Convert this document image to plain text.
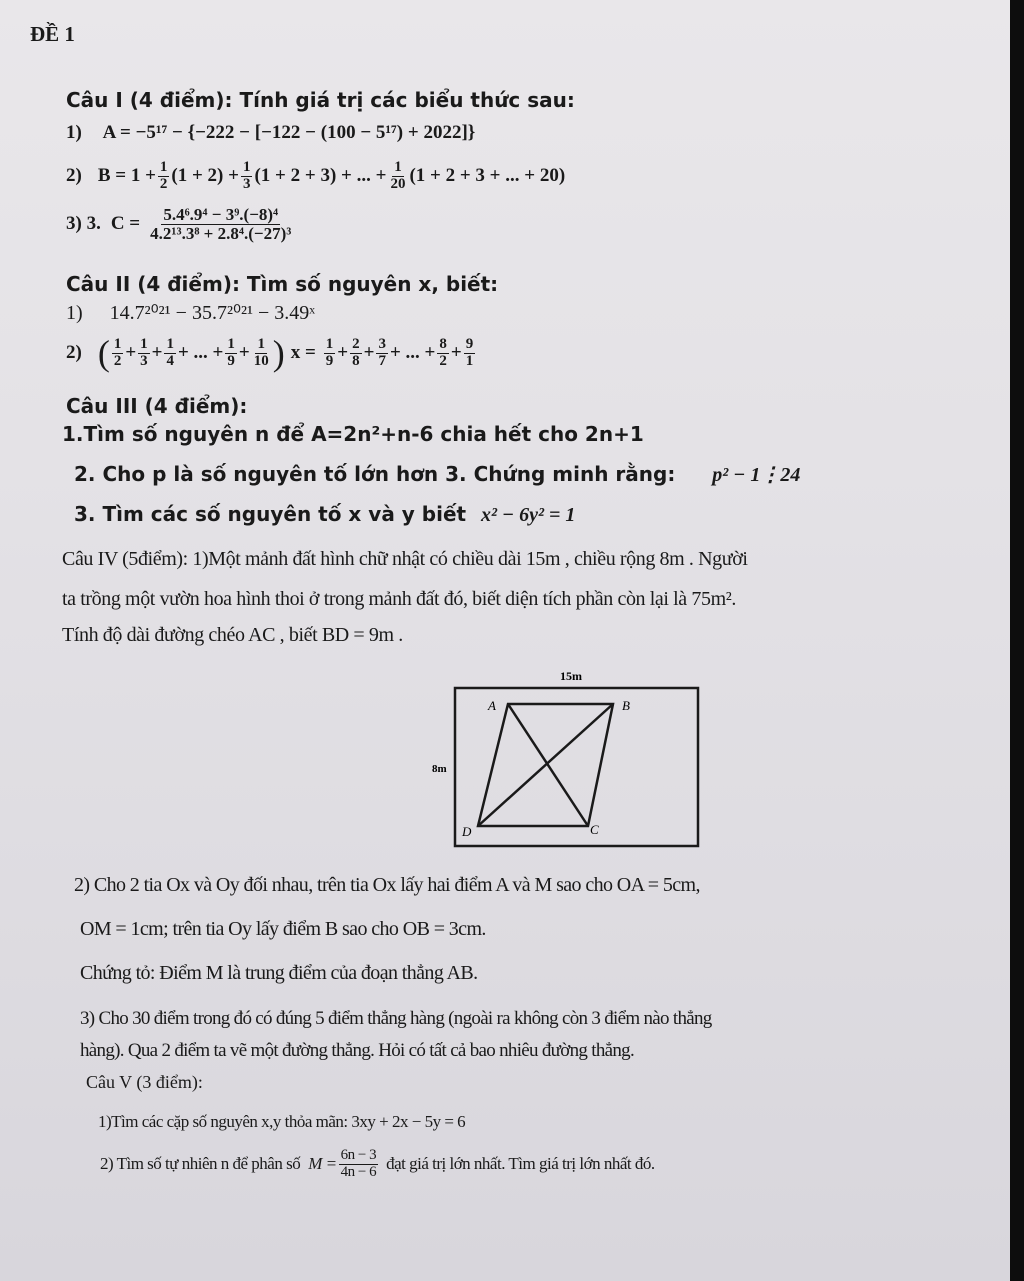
ĐỀ 1
Câu I (4 điểm): Tính giá trị các biểu thức sau:
1) A = −5¹⁷ − {−222 − [−122 − (100 − 5¹⁷) + 2022]}
2) $B = 1 + \frac{1}{2} (1 + 2) + \frac{1}{3} (1 + 2 + 3)$ + ... + $\frac{1}{20} (1 + 2 + 3$ + ... + 20)
3) 3. $C = \frac{\text{5.4⁶.9⁴ − 3⁹.(−8)⁴}}{\text{4.2¹³.3⁸ + 2.8⁴.(−27)³}}$
Câu II (4 điểm): Tìm số nguyên x, biết:
1) 14.7²⁰²¹ − 35.7²⁰²¹ − 3.49ˣ
2) ( $\frac{1}{2} + \frac{1}{3} + \frac{1}{4}$ + ... + $\frac{1}{9} + \frac{1}{10}$ ) $x = \frac{1}{9} + \frac{2}{8} + \frac{3}{7}$ + ... + $\frac{8}{2} + \frac{9}{1}$
Câu III (4 điểm):
1.Tìm số nguyên n để A=2n²+n-6 chia hết cho 2n+1
2. Cho p là số nguyên tố lớn hơn 3. Chứng minh rằng: p² − 1⋮24
3. Tìm các số nguyên tố x và y biết x² − 6y² = 1
Câu IV (5điểm): 1)Một mảnh đất hình chữ nhật có chiều dài 15m , chiều rộng 8m . Người
ta trồng một vườn hoa hình thoi ở trong mảnh đất đó, biết diện tích phần còn lại là 75m².
Tính độ dài đường chéo AC , biết BD = 9m .
15m
8m
A	B
C
D
2) Cho 2 tia Ox và Oy đối nhau, trên tia Ox lấy hai điểm A và M sao cho OA = 5cm,
OM = 1cm; trên tia Oy lấy điểm B sao cho OB = 3cm.
Chứng tỏ: Điểm M là trung điểm của đoạn thẳng AB.
3) Cho 30 điểm trong đó có đúng 5 điểm thẳng hàng (ngoài ra không còn 3 điểm nào thẳng
hàng). Qua 2 điểm ta vẽ một đường thẳng. Hỏi có tất cả bao nhiêu đường thẳng.
Câu V (3 điểm):
1)Tìm các cặp số nguyên x,y thỏa mãn: 3xy + 2x − 5y = 6
2) Tìm số tự nhiên n để phân số $M = \frac{6n - 3}{4n - 6}$ đạt giá trị lớn nhất. Tìm giá trị lớn nhất đó.
